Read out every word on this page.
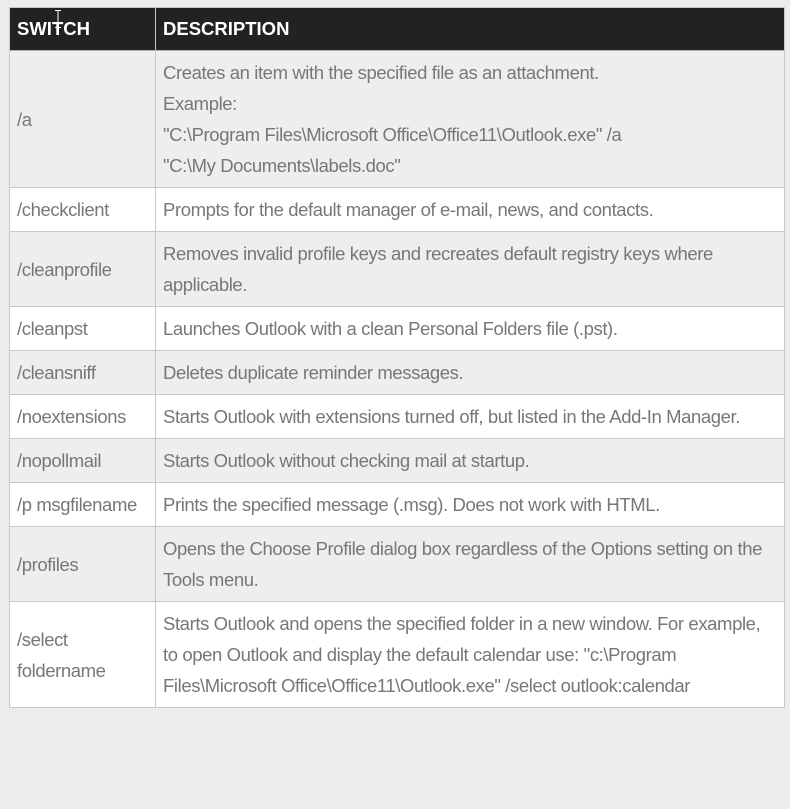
SWITCH	DESCRIPTION
/a	Creates an item with the specified file as an attachment.
Example:
"C:\Program Files\Microsoft Office\Office11\Outlook.exe" /a
"C:\My Documents\labels.doc"

/checkclient	Prompts for the default manager of e-mail, news, and contacts.
/cleanprofile	Removes invalid profile keys and recreates default registry keys where applicable.
/cleanpst	Launches Outlook with a clean Personal Folders file (.pst).
/cleansniff	Deletes duplicate reminder messages.
/noextensions	Starts Outlook with extensions turned off, but listed in the Add-In Manager.
/nopollmail	Starts Outlook without checking mail at startup.
/p msgfilename	Prints the specified message (.msg). Does not work with HTML.
/profiles	Opens the Choose Profile dialog box regardless of the Options setting on the Tools menu.
/select foldername	Starts Outlook and opens the specified folder in a new window. For example, to open Outlook and display the default calendar use: "c:\Program Files\Microsoft Office\Office11\Outlook.exe" /select outlook:calendar
